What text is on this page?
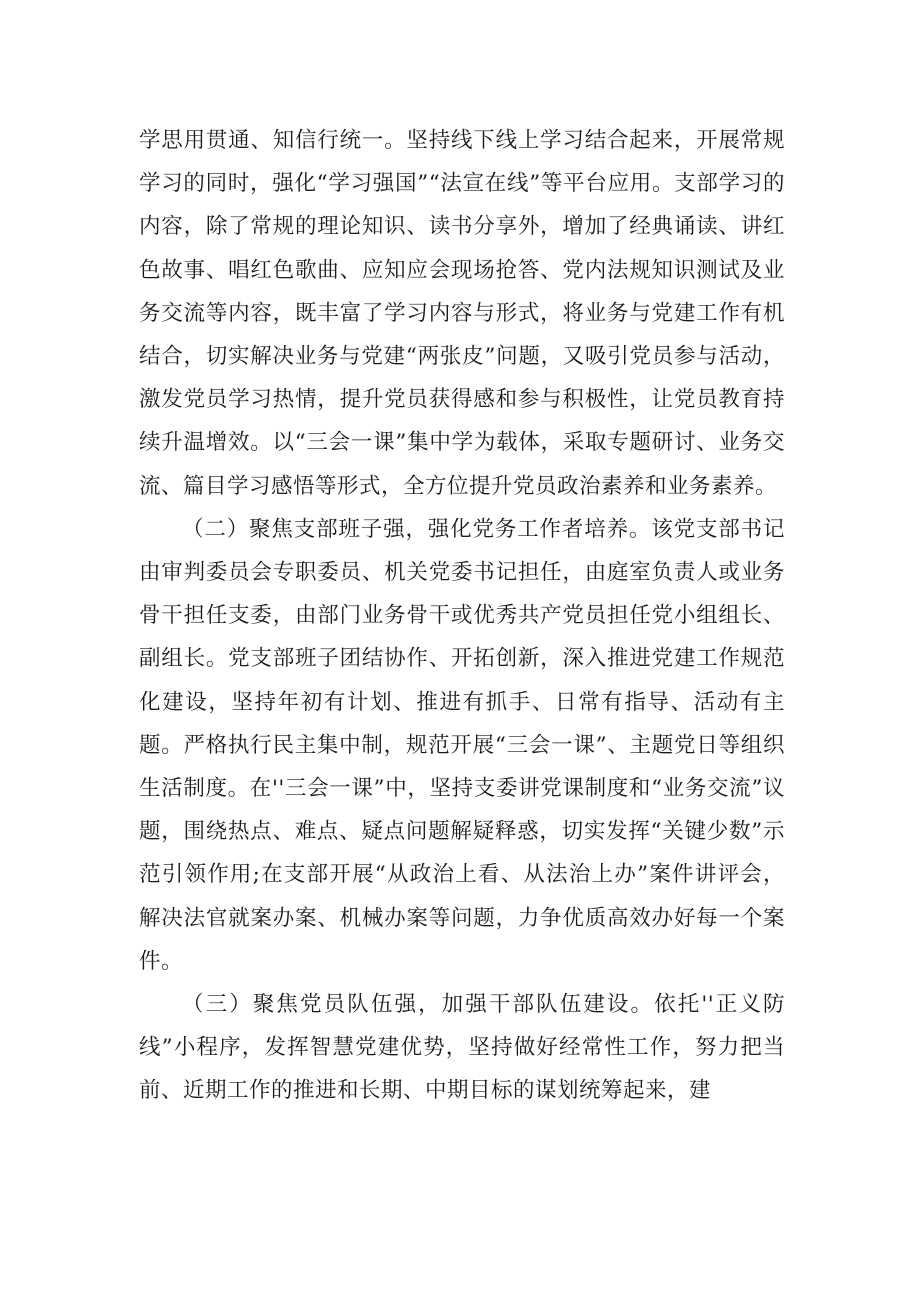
学思用贯通、知信行统一。坚持线下线上学习结合起来，开展常规学习的同时，强化“学习强国”“法宣在线”等平台应用。支部学习的内容，除了常规的理论知识、读书分享外，增加了经典诵读、讲红色故事、唱红色歌曲、应知应会现场抢答、党内法规知识测试及业务交流等内容，既丰富了学习内容与形式，将业务与党建工作有机结合，切实解决业务与党建“两张皮”问题，又吸引党员参与活动，激发党员学习热情，提升党员获得感和参与积极性，让党员教育持续升温增效。以“三会一课”集中学为载体，采取专题研讨、业务交流、篇目学习感悟等形式，全方位提升党员政治素养和业务素养。

（二）聚焦支部班子强，强化党务工作者培养。该党支部书记由审判委员会专职委员、机关党委书记担任，由庭室负责人或业务骨干担任支委，由部门业务骨干或优秀共产党员担任党小组组长、副组长。党支部班子团结协作、开拓创新，深入推进党建工作规范化建设，坚持年初有计划、推进有抓手、日常有指导、活动有主题。严格执行民主集中制，规范开展“三会一课”、主题党日等组织生活制度。在''三会一课”中，坚持支委讲党课制度和“业务交流”议题，围绕热点、难点、疑点问题解疑释惑，切实发挥“关键少数”示范引领作用;在支部开展“从政治上看、从法治上办”案件讲评会，解决法官就案办案、机械办案等问题，力争优质高效办好每一个案件。

（三）聚焦党员队伍强，加强干部队伍建设。依托''正义防线”小程序，发挥智慧党建优势，坚持做好经常性工作，努力把当前、近期工作的推进和长期、中期目标的谋划统筹起来，建
